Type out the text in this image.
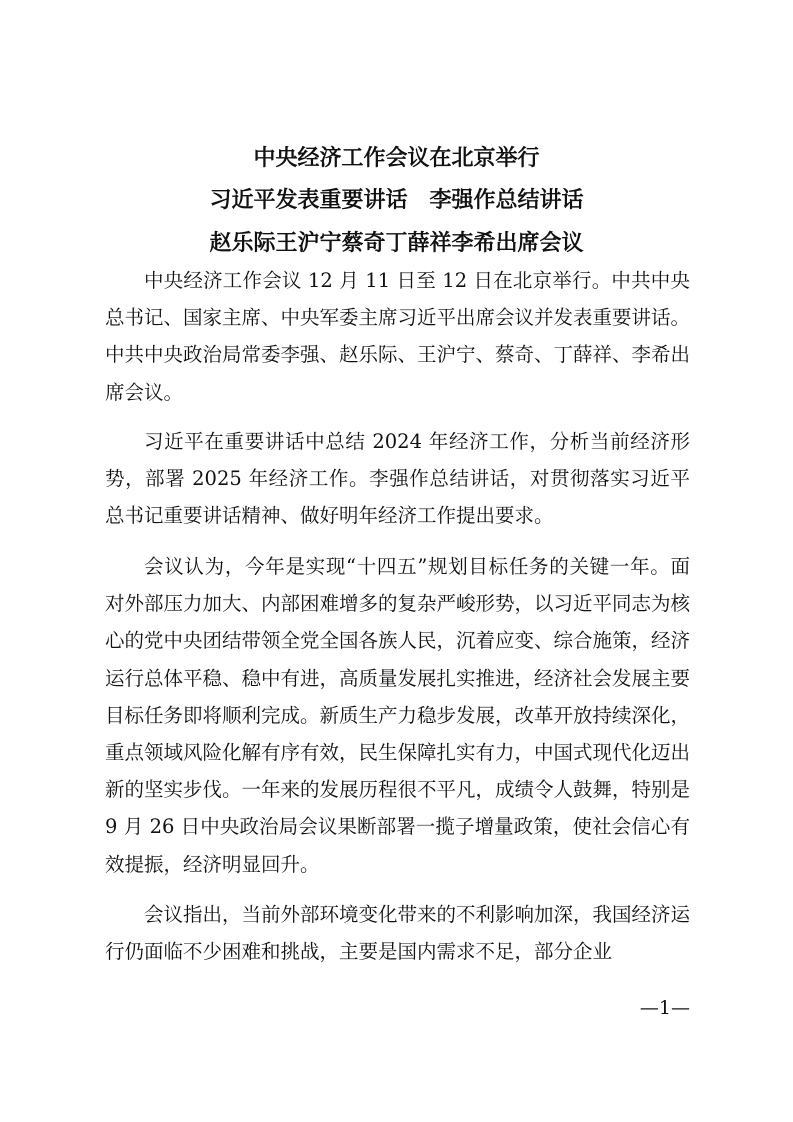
中央经济工作会议在北京举行
习近平发表重要讲话　李强作总结讲话
赵乐际王沪宁蔡奇丁薛祥李希出席会议

中央经济工作会议 12 月 11 日至 12 日在北京举行。中共中央总书记、国家主席、中央军委主席习近平出席会议并发表重要讲话。中共中央政治局常委李强、赵乐际、王沪宁、蔡奇、丁薛祥、李希出席会议。

习近平在重要讲话中总结 2024 年经济工作，分析当前经济形势，部署 2025 年经济工作。李强作总结讲话，对贯彻落实习近平总书记重要讲话精神、做好明年经济工作提出要求。

会议认为，今年是实现“十四五”规划目标任务的关键一年。面对外部压力加大、内部困难增多的复杂严峻形势，以习近平同志为核心的党中央团结带领全党全国各族人民，沉着应变、综合施策，经济运行总体平稳、稳中有进，高质量发展扎实推进，经济社会发展主要目标任务即将顺利完成。新质生产力稳步发展，改革开放持续深化，重点领域风险化解有序有效，民生保障扎实有力，中国式现代化迈出新的坚实步伐。一年来的发展历程很不平凡，成绩令人鼓舞，特别是 9 月 26 日中央政治局会议果断部署一揽子增量政策，使社会信心有效提振，经济明显回升。

会议指出，当前外部环境变化带来的不利影响加深，我国经济运行仍面临不少困难和挑战，主要是国内需求不足，部分企业

—1—
